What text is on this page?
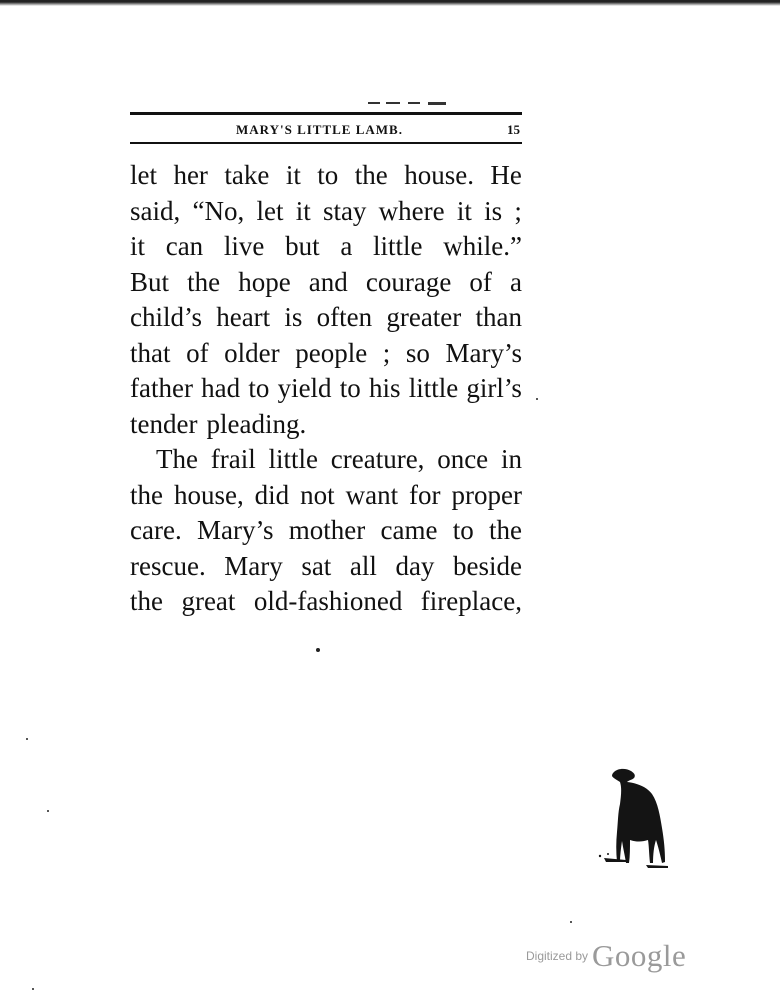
MARY'S LITTLE LAMB.	15
let her take it to the house. He
said, “No, let it stay where it is ;
it can live but a little while.”
But the hope and courage of a
child’s heart is often greater than
that of older people ; so Mary’s
father had to yield to his little girl’s
tender pleading.
The frail little creature, once in
the house, did not want for proper
care. Mary’s mother came to the
rescue. Mary sat all day beside
the great old-fashioned fireplace,
Digitized by Google
